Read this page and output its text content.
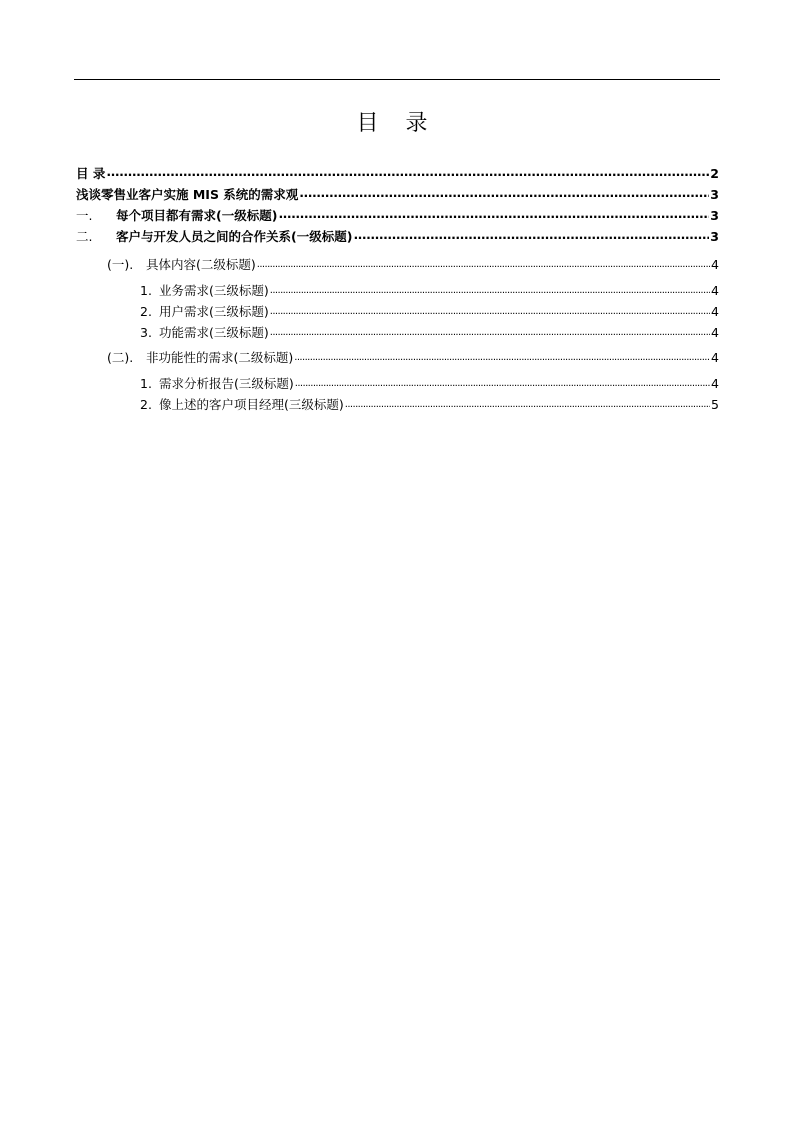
目 录
目 录 .....	2
浅谈零售业客户实施 MIS 系统的需求观 .....	3
一.	每个项目都有需求(一级标题) .....	3
二.	客户与开发人员之间的合作关系(一级标题) .....	3
(一).	具体内容(二级标题) .....	4
1. 业务需求(三级标题) .....	4
2. 用户需求(三级标题) .....	4
3. 功能需求(三级标题) .....	4
(二).	非功能性的需求(二级标题) .....	4
1. 需求分析报告(三级标题) .....	4
2. 像上述的客户项目经理(三级标题) .....	5
